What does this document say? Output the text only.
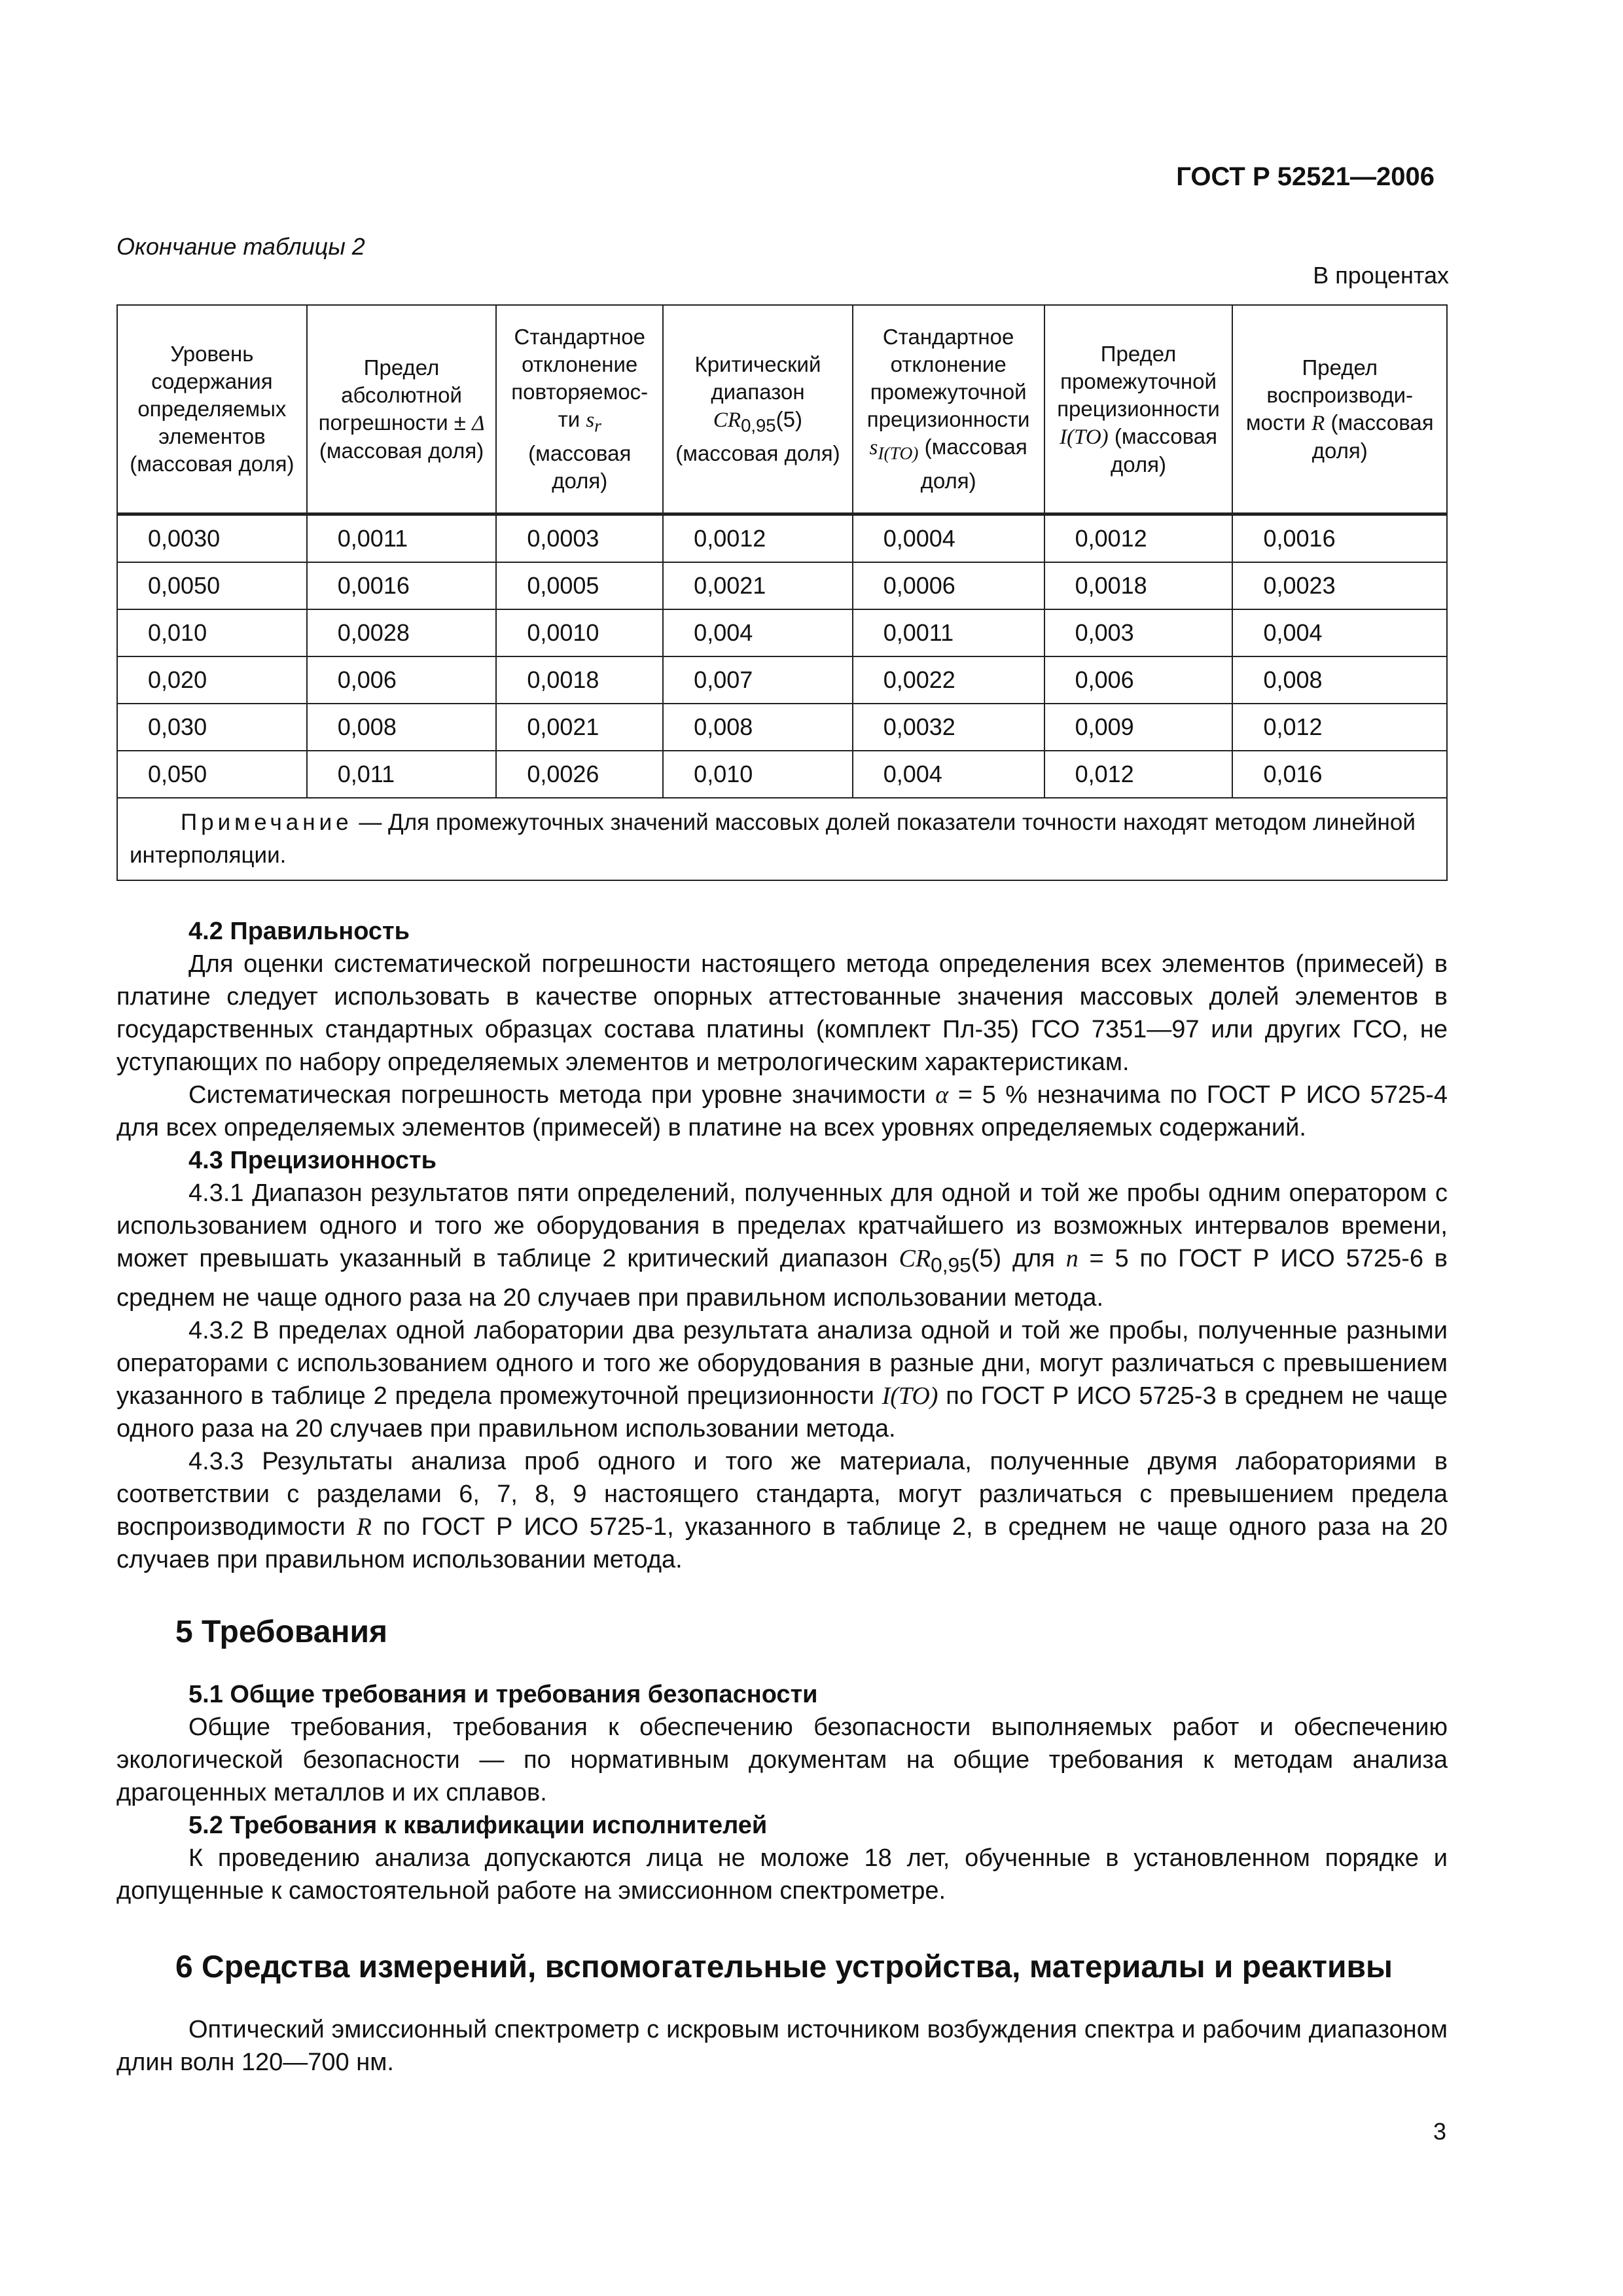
ГОСТ Р 52521—2006
Окончание таблицы 2
В процентах
Уровень содержания определяемых элементов (массовая доля)	Предел абсолютной погрешности ± Δ (массовая доля)	Стандартное отклонение повторяемос- ти $s_r$ (массовая доля)	Критический диапазон $CR_{0,95}(5)$ (массовая доля)	Стандартное отклонение промежуточной прецизионности $s_{I(TO)}$ (массовая доля)	Предел промежуточной прецизионности I(TO) (массовая доля)	Предел воспроизводи- мости R (массовая доля)
0,0030	0,0011	0,0003	0,0012	0,0004	0,0012	0,0016
0,0050	0,0016	0,0005	0,0021	0,0006	0,0018	0,0023
0,010	0,0028	0,0010	0,004	0,0011	0,003	0,004
0,020	0,006	0,0018	0,007	0,0022	0,006	0,008
0,030	0,008	0,0021	0,008	0,0032	0,009	0,012
0,050	0,011	0,0026	0,010	0,004	0,012	0,016
Примечание — Для промежуточных значений массовых долей показатели точности находят методом линейной интерполяции.						

4.2 Правильность

Для оценки систематической погрешности настоящего метода определения всех элементов (примесей) в платине следует использовать в качестве опорных аттестованные значения массовых долей элементов в государственных стандартных образцах состава платины (комплект Пл-35) ГСО 7351—97 или других ГСО, не уступающих по набору определяемых элементов и метрологическим характеристикам.

Систематическая погрешность метода при уровне значимости α = 5 % незначима по ГОСТ Р ИСО 5725-4 для всех определяемых элементов (примесей) в платине на всех уровнях определяемых содержаний.

4.3 Прецизионность

4.3.1 Диапазон результатов пяти определений, полученных для одной и той же пробы одним оператором с использованием одного и того же оборудования в пределах кратчайшего из возможных интервалов времени, может превышать указанный в таблице 2 критический диапазон $CR_{0,95}(5)$ для n = 5 по ГОСТ Р ИСО 5725-6 в среднем не чаще одного раза на 20 случаев при правильном использовании метода.

4.3.2 В пределах одной лаборатории два результата анализа одной и той же пробы, полученные разными операторами с использованием одного и того же оборудования в разные дни, могут различаться с превышением указанного в таблице 2 предела промежуточной прецизионности I(TO) по ГОСТ Р ИСО 5725-3 в среднем не чаще одного раза на 20 случаев при правильном использовании метода.

4.3.3 Результаты анализа проб одного и того же материала, полученные двумя лабораториями в соответствии с разделами 6, 7, 8, 9 настоящего стандарта, могут различаться с превышением предела воспроизводимости R по ГОСТ Р ИСО 5725-1, указанного в таблице 2, в среднем не чаще одного раза на 20 случаев при правильном использовании метода.

5 Требования

5.1 Общие требования и требования безопасности

Общие требования, требования к обеспечению безопасности выполняемых работ и обеспечению экологической безопасности — по нормативным документам на общие требования к методам анализа драгоценных металлов и их сплавов.

5.2 Требования к квалификации исполнителей

К проведению анализа допускаются лица не моложе 18 лет, обученные в установленном порядке и допущенные к самостоятельной работе на эмиссионном спектрометре.

6 Средства измерений, вспомогательные устройства, материалы и реактивы

Оптический эмиссионный спектрометр с искровым источником возбуждения спектра и рабочим диапазоном длин волн 120—700 нм.

3
